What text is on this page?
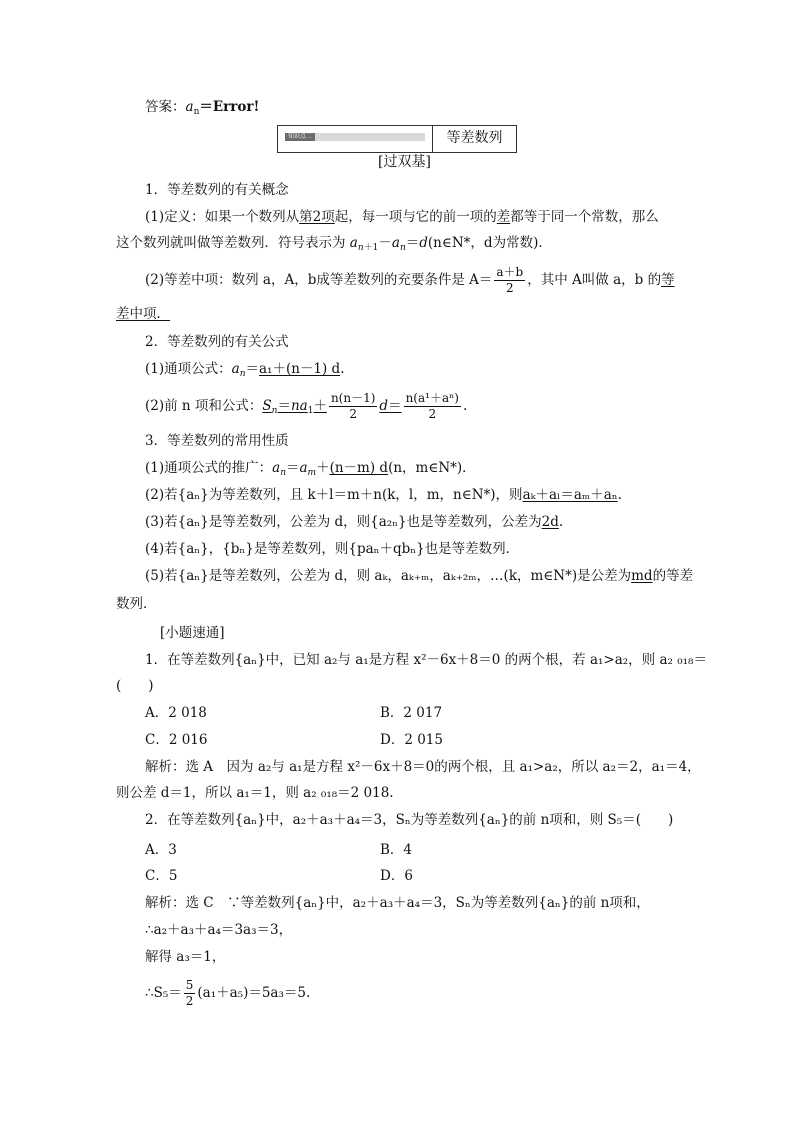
答案：$a_n=Error$!
知识点二	等差数列
[过双基]
1．等差数列的有关概念
(1)定义：如果一个数列从第2项起，每一项与它的前一项的差都等于同一个常数，那么
这个数列就叫做等差数列．符号表示为 $a_{n+1}-a_n=d(n\in N*$，d为常数)．
(2)等差中项：数列 a，A，b成等差数列的充要条件是 $A= \frac{a+b}{2}$ ，其中 A叫做 a，b 的等
差中项．
2．等差数列的有关公式
(1)通项公式：$a_n=a_1+(n-1)$ d.
(2)前 n 项和公式：$S_n=na_1+ \frac{n(n-1)}{2} d= \frac{\text{n(a¹＋aⁿ)}}{2}$ .
3．等差数列的常用性质
(1)通项公式的推广：$a_n=a_m+(n-m)$ d(n，m∈N*)．
(2)若{aₙ}为等差数列，且 k＋l＝m＋n(k，l，m，n∈N*)，则aₖ＋aₗ＝aₘ＋aₙ.
(3)若{aₙ}是等差数列，公差为 d，则{a₂ₙ}也是等差数列，公差为2d.
(4)若{aₙ}，{bₙ}是等差数列，则{paₙ＋qbₙ}也是等差数列．
(5)若{aₙ}是等差数列，公差为 d，则 aₖ，aₖ₊ₘ，aₖ₊₂ₘ，…(k，m∈N*)是公差为md的等差
数列．
[小题速通]
1．在等差数列{aₙ}中，已知 a₂与 a₁是方程 x²－6x＋8＝0 的两个根，若 a₁>a₂，则 a₂ ₀₁₈＝
(　　)
A．2 018	B．2 017
C．2 016	D．2 015
解析：选 A　因为 a₂与 a₁是方程 x²－6x＋8＝0的两个根，且 a₁>a₂，所以 a₂＝2，a₁＝4，
则公差 d＝1，所以 a₁＝1，则 a₂ ₀₁₈＝2 018.
2．在等差数列{aₙ}中，a₂＋a₃＋a₄＝3，Sₙ为等差数列{aₙ}的前 n项和，则 S₅＝(　　)
A．3	B．4
C．5	D．6
解析：选 C　∵等差数列{aₙ}中，a₂＋a₃＋a₄＝3，Sₙ为等差数列{aₙ}的前 n项和，
∴a₂＋a₃＋a₄＝3a₃＝3，
解得 a₃＝1，
∴S₅＝ $\frac{5}{2} (a_1+a_5)=5a_3=5$.
